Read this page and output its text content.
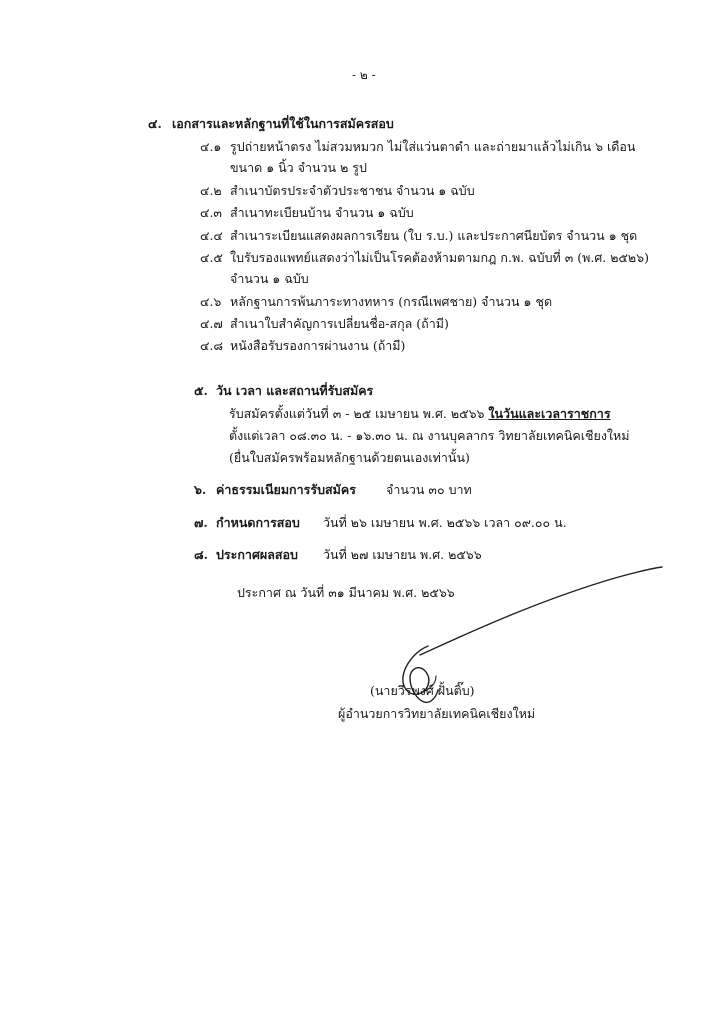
- ๒ -
๔. เอกสารและหลักฐานที่ใช้ในการสมัครสอบ
๔.๑ รูปถ่ายหน้าตรง ไม่สวมหมวก ไม่ใส่แว่นตาดำ และถ่ายมาแล้วไม่เกิน ๖ เดือน
ขนาด ๑ นิ้ว จำนวน ๒ รูป
๔.๒ สำเนาบัตรประจำตัวประชาชน จำนวน ๑ ฉบับ
๔.๓ สำเนาทะเบียนบ้าน จำนวน ๑ ฉบับ
๔.๔ สำเนาระเบียนแสดงผลการเรียน (ใบ ร.บ.) และประกาศนียบัตร จำนวน ๑ ชุด
๔.๕ ใบรับรองแพทย์แสดงว่าไม่เป็นโรคต้องห้ามตามกฎ ก.พ. ฉบับที่ ๓ (พ.ศ. ๒๕๒๖)
จำนวน ๑ ฉบับ
๔.๖ หลักฐานการพ้นภาระทางทหาร (กรณีเพศชาย) จำนวน ๑ ชุด
๔.๗ สำเนาใบสำคัญการเปลี่ยนชื่อ-สกุล (ถ้ามี)
๔.๘ หนังสือรับรองการผ่านงาน (ถ้ามี)
๕. วัน เวลา และสถานที่รับสมัคร
รับสมัครตั้งแต่วันที่ ๓ - ๒๕ เมษายน พ.ศ. ๒๕๖๖ ในวันและเวลาราชการ
ตั้งแต่เวลา ๐๘.๓๐ น. - ๑๖.๓๐ น. ณ งานบุคลากร วิทยาลัยเทคนิคเชียงใหม่
(ยื่นใบสมัครพร้อมหลักฐานด้วยตนเองเท่านั้น)
๖. ค่าธรรมเนียมการรับสมัคร จำนวน ๓๐ บาท
๗. กำหนดการสอบ วันที่ ๒๖ เมษายน พ.ศ. ๒๕๖๖ เวลา ๐๙.๐๐ น.
๘. ประกาศผลสอบ วันที่ ๒๗ เมษายน พ.ศ. ๒๕๖๖
ประกาศ ณ วันที่ ๓๑ มีนาคม พ.ศ. ๒๕๖๖
(นายวีรพงศ์ ฝั้นติ๊บ)
ผู้อำนวยการวิทยาลัยเทคนิคเชียงใหม่
